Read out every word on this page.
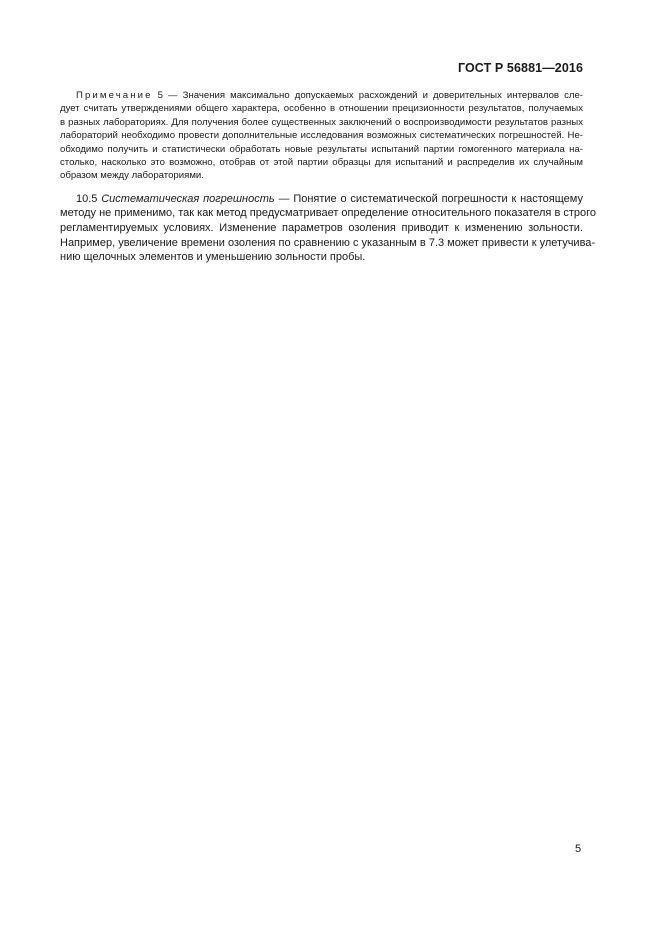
ГОСТ Р 56881—2016
Примечание 5 — Значения максимально допускаемых расхождений и доверительных интервалов сле-
дует считать утверждениями общего характера, особенно в отношении прецизионности результатов, получаемых
в разных лабораториях. Для получения более существенных заключений о воспроизводимости результатов разных
лабораторий необходимо провести дополнительные исследования возможных систематических погрешностей. Не-
обходимо получить и статистически обработать новые результаты испытаний партии гомогенного материала на-
столько, насколько это возможно, отобрав от этой партии образцы для испытаний и распределив их случайным
образом между лабораториями.
10.5 Систематическая погрешность — Понятие о систематической погрешности к настоящему
методу не применимо, так как метод предусматривает определение относительного показателя в строго
регламентируемых условиях. Изменение параметров озоления приводит к изменению зольности.
Например, увеличение времени озоления по сравнению с указанным в 7.3 может привести к улетучива-
нию щелочных элементов и уменьшению зольности пробы.
5
